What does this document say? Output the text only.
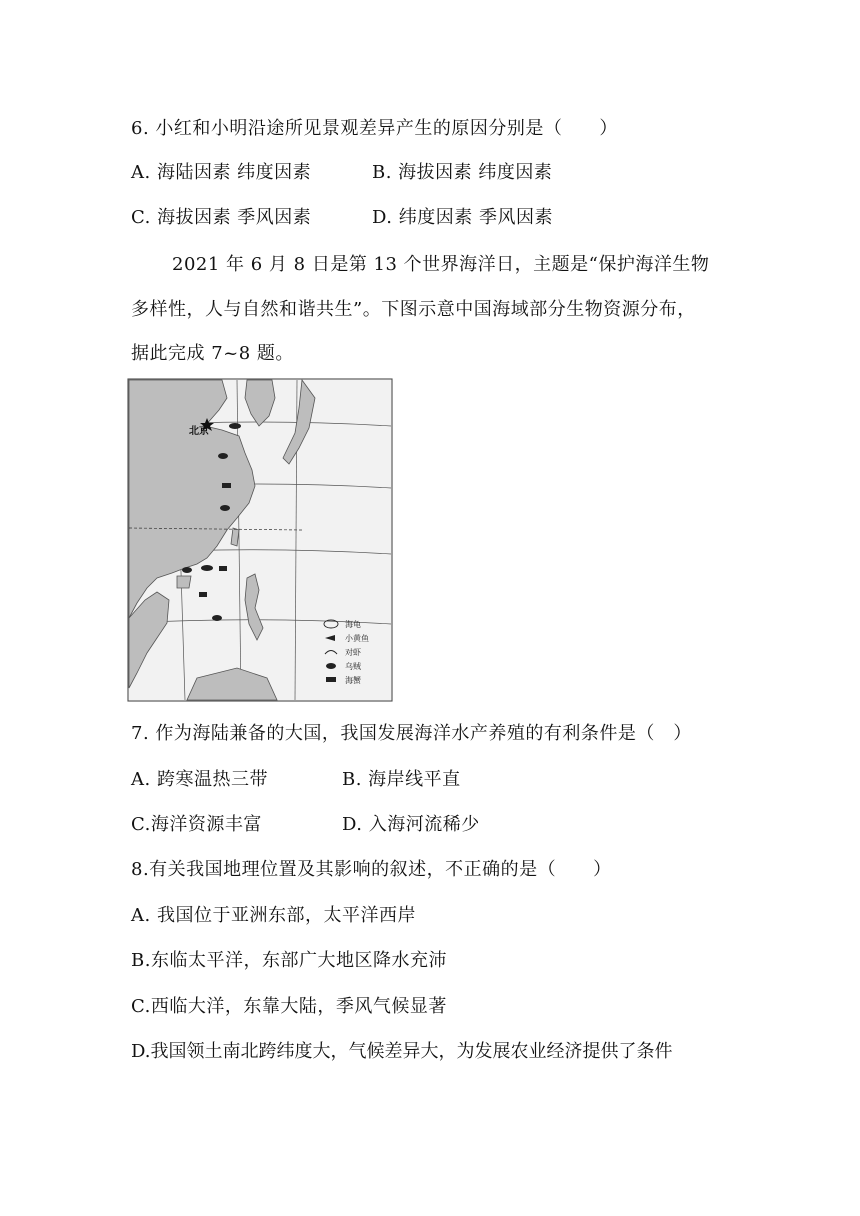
6. 小红和小明沿途所见景观差异产生的原因分别是（　　）
A. 海陆因素 纬度因素	B. 海拔因素 纬度因素
C. 海拔因素 季风因素	D. 纬度因素 季风因素
2021 年 6 月 8 日是第 13 个世界海洋日，主题是“保护海洋生物
多样性，人与自然和谐共生”。下图示意中国海域部分生物资源分布，
据此完成 7~8 题。
北京
海龟
小黄鱼
对虾
乌贼
海蟹
7. 作为海陆兼备的大国，我国发展海洋水产养殖的有利条件是（　）
A. 跨寒温热三带	B. 海岸线平直
C.海洋资源丰富	D. 入海河流稀少
8.有关我国地理位置及其影响的叙述，不正确的是（　　）
A. 我国位于亚洲东部，太平洋西岸
B.东临太平洋，东部广大地区降水充沛
C.西临大洋，东靠大陆，季风气候显著
D.我国领土南北跨纬度大，气候差异大，为发展农业经济提供了条件
